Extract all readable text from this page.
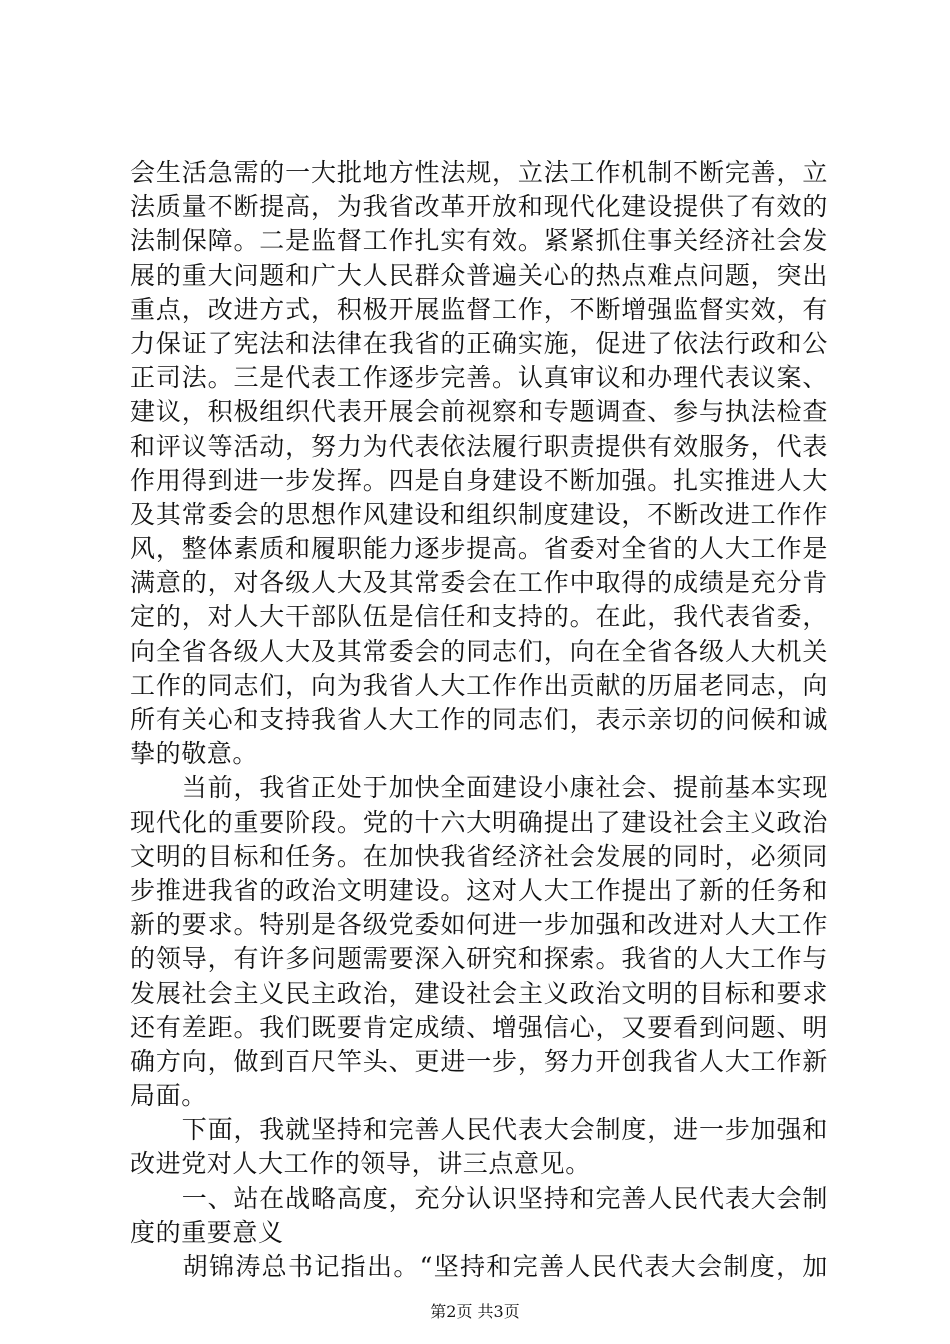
会生活急需的一大批地方性法规，立法工作机制不断完善，立
法质量不断提高，为我省改革开放和现代化建设提供了有效的
法制保障。二是监督工作扎实有效。紧紧抓住事关经济社会发
展的重大问题和广大人民群众普遍关心的热点难点问题，突出
重点，改进方式，积极开展监督工作，不断增强监督实效，有
力保证了宪法和法律在我省的正确实施，促进了依法行政和公
正司法。三是代表工作逐步完善。认真审议和办理代表议案、
建议，积极组织代表开展会前视察和专题调查、参与执法检查
和评议等活动，努力为代表依法履行职责提供有效服务，代表
作用得到进一步发挥。四是自身建设不断加强。扎实推进人大
及其常委会的思想作风建设和组织制度建设，不断改进工作作
风，整体素质和履职能力逐步提高。省委对全省的人大工作是
满意的，对各级人大及其常委会在工作中取得的成绩是充分肯
定的，对人大干部队伍是信任和支持的。在此，我代表省委，
向全省各级人大及其常委会的同志们，向在全省各级人大机关
工作的同志们，向为我省人大工作作出贡献的历届老同志，向
所有关心和支持我省人大工作的同志们，表示亲切的问候和诚
挚的敬意。
　　当前，我省正处于加快全面建设小康社会、提前基本实现
现代化的重要阶段。党的十六大明确提出了建设社会主义政治
文明的目标和任务。在加快我省经济社会发展的同时，必须同
步推进我省的政治文明建设。这对人大工作提出了新的任务和
新的要求。特别是各级党委如何进一步加强和改进对人大工作
的领导，有许多问题需要深入研究和探索。我省的人大工作与
发展社会主义民主政治，建设社会主义政治文明的目标和要求
还有差距。我们既要肯定成绩、增强信心，又要看到问题、明
确方向，做到百尺竿头、更进一步，努力开创我省人大工作新
局面。
　　下面，我就坚持和完善人民代表大会制度，进一步加强和
改进党对人大工作的领导，讲三点意见。
　　一、站在战略高度，充分认识坚持和完善人民代表大会制
度的重要意义
　　胡锦涛总书记指出。“坚持和完善人民代表大会制度，加
第2页 共3页
